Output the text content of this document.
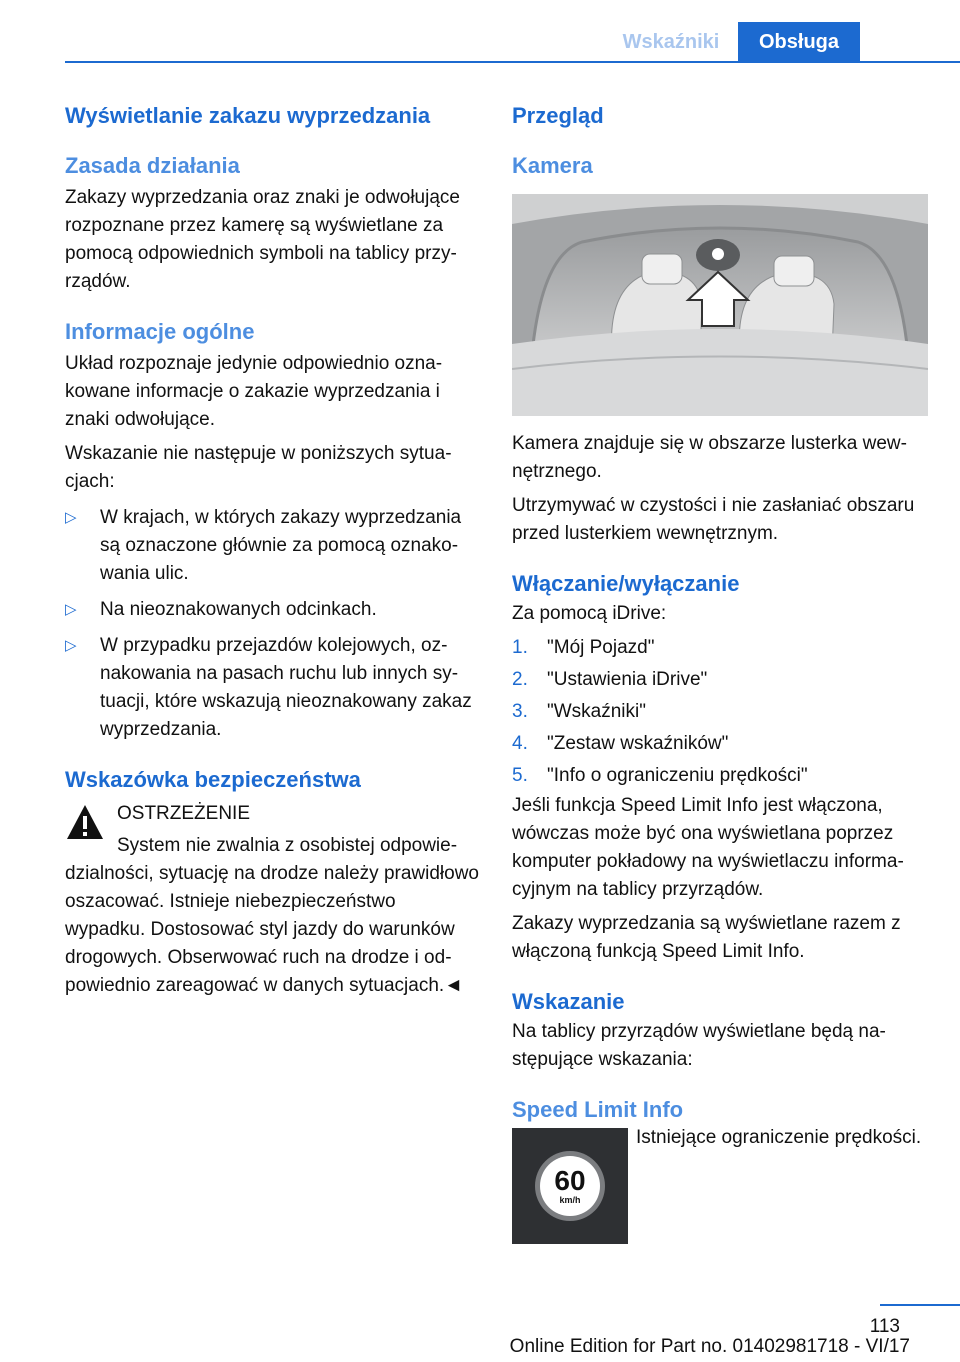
Wskaźniki	Obsługa
Wyświetlanie zakazu wyprzedzania
Zasada działania

Zakazy wyprzedzania oraz znaki je odwołujące rozpoznane przez kamerę są wyświetlane za pomocą odpowiednich symboli na tablicy przyrządów.

Informacje ogólne

Układ rozpoznaje jedynie odpowiednio oznakowane informacje o zakazie wyprzedzania i znaki odwołujące.

Wskazanie nie następuje w poniższych sytuacjach:

▷ W krajach, w których zakazy wyprzedzania są oznaczone głównie za pomocą oznakowania ulic.
▷ Na nieoznakowanych odcinkach.
▷ W przypadku przejazdów kolejowych, oznakowania na pasach ruchu lub innych sytuacji, które wskazują nieoznakowany zakaz wyprzedzania.
Wskazówka bezpieczeństwa

OSTRZEŻENIE

System nie zwalnia z osobistej odpowiedzialności, sytuację na drodze należy prawidłowo oszacować. Istnieje niebezpieczeństwo wypadku. Dostosować styl jazdy do warunków drogowych. Obserwować ruch na drodze i odpowiednio zareagować w danych sytuacjach.◄

Przegląd
Kamera

Kamera znajduje się w obszarze lusterka wewnętrznego.

Utrzymywać w czystości i nie zasłaniać obszaru przed lusterkiem wewnętrznym.

Włączanie/wyłączanie

Za pomocą iDrive:

1. "Mój Pojazd"
2. "Ustawienia iDrive"
3. "Wskaźniki"
4. "Zestaw wskaźników"
5. "Info o ograniczeniu prędkości"

Jeśli funkcja Speed Limit Info jest włączona, wówczas może być ona wyświetlana poprzez komputer pokładowy na wyświetlaczu informacyjnym na tablicy przyrządów.

Zakazy wyprzedzania są wyświetlane razem z włączoną funkcją Speed Limit Info.

Wskazanie

Na tablicy przyrządów wyświetlane będą następujące wskazania:

Speed Limit Info
60
km/h

Istniejące ograniczenie prędkości.

113
Online Edition for Part no. 01402981718 - VI/17
